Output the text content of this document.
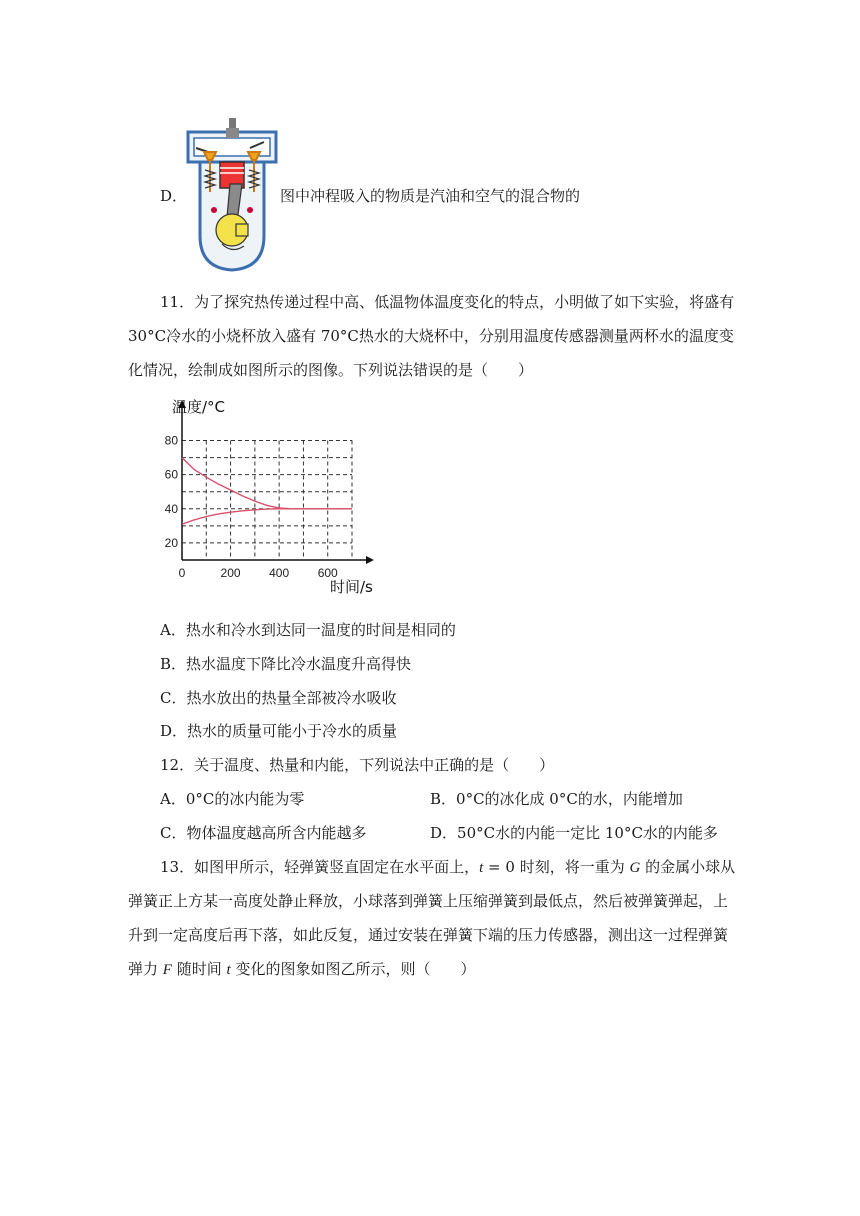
D．	图中冲程吸入的物质是汽油和空气的混合物的
11．为了探究热传递过程中高、低温物体温度变化的特点，小明做了如下实验，将盛有
30°C冷水的小烧杯放入盛有 70°C热水的大烧杯中，分别用温度传感器测量两杯水的温度变
化情况，绘制成如图所示的图像。下列说法错误的是（　　）
0	200 400 600
20
40
60
80
温度/°C
时间/s
A．热水和冷水到达同一温度的时间是相同的
B．热水温度下降比冷水温度升高得快
C．热水放出的热量全部被冷水吸收
D．热水的质量可能小于冷水的质量
12．关于温度、热量和内能，下列说法中正确的是（　　）
A．0°C的冰内能为零	B．0°C的冰化成 0°C的水，内能增加
C．物体温度越高所含内能越多	D．50°C水的内能一定比 10°C水的内能多
13．如图甲所示，轻弹簧竖直固定在水平面上，t = 0 时刻，将一重为 G 的金属小球从
弹簧正上方某一高度处静止释放，小球落到弹簧上压缩弹簧到最低点，然后被弹簧弹起，上
升到一定高度后再下落，如此反复，通过安装在弹簧下端的压力传感器，测出这一过程弹簧
弹力 F 随时间 t 变化的图象如图乙所示，则（　　）
